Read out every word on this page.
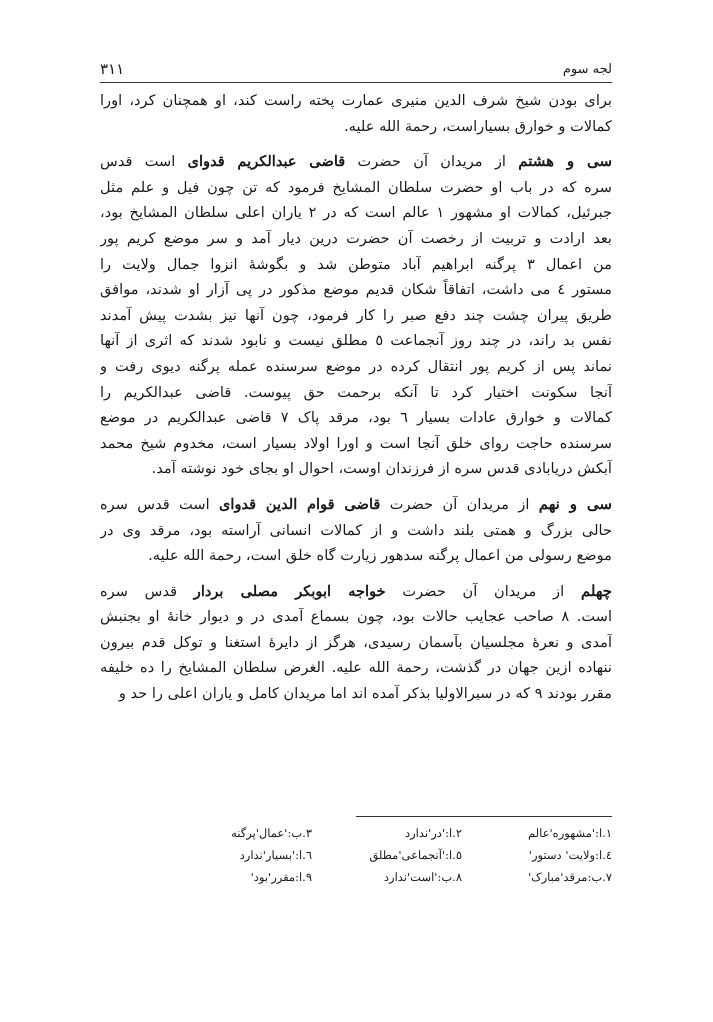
لجه سوم
۳۱۱
برای بودن شیخ شرف الدین منیری عمارت پخته راست کند، او همچنان کرد، اورا
کمالات و خوارق بسیاراست، رحمة الله علیه.
سی و هشتم از مریدان آن حضرت قاضی عبدالکریم قدوای است قدس
سره که در باب او حضرت سلطان المشایخ فرمود که تن چون فیل و علم مثل
جبرئیل، کمالات او مشهور ١ عالم است که در ٢ یاران اعلی سلطان المشایخ بود،
بعد ارادت و تربیت از رخصت آن حضرت درین دیار آمد و سر موضع کریم پور
من اعمال ٣ پرگنه ابراهیم آباد متوطن شد و بگوشۀ انزوا جمال ولایت را
مستور ٤ می داشت، اتفاقاً شکان قدیم موضع مذکور در پی آزار او شدند، موافق
طریق پیران چشت چند دفع صبر را کار فرمود، چون آنها نیز بشدت پیش آمدند
نفس بد راند، در چند روز آنجماعت ٥ مطلق نیست و نابود شدند که اثری از آنها
نماند پس از کریم پور انتقال کرده در موضع سرسنده عمله پرگنه دیوی رفت و
آنجا سکونت اختیار کرد تا آنکه برحمت حق پیوست. قاضی عبدالکریم را
کمالات و خوارق عادات بسیار ٦ بود، مرقد پاک ٧ قاضی عبدالکریم در موضع
سرسنده حاجت روای خلق آنجا است و اورا اولاد بسیار است، مخدوم شیخ محمد
آبکش دریابادی قدس سره از فرزندان اوست، احوال او بجای خود نوشته آمد.
سی و نهم از مریدان آن حضرت قاضی قوام الدین قدوای است قدس سره
حالی بزرگ و همتی بلند داشت و از کمالات انسانی آراسته بود، مرقد وی در
موضع رسولی من اعمال پرگنه سدهور زیارت گاه خلق است، رحمة الله علیه.
چهلم از مریدان آن حضرت خواجه ابوبکر مصلی بردار قدس سره
است. ٨ صاحب عجایب حالات بود، چون بسماع آمدی در و دیوار خانۀ او بجنبش
آمدی و نعرۀ مجلسیان بآسمان رسیدی، هرگز از دایرۀ استغنا و توکل قدم بیرون
ننهاده ازین جهان در گذشت، رحمة الله علیه. الغرض سلطان المشایخ را ده خلیفه
مقرر بودند ٩ که در سیرالاولیا بذکر آمده اند اما مریدان کامل و یاران اعلی را حد و
١.ا:'مشهوره'عالم
٢.ا:'در'ندارد
٣.ب:'عمال'پرگنه
٤.ا:ولایت' دستور'
٥.ا:'آنجماعی'مطلق
٦.ا:'بسیار'ندارد
٧.ب:مرقد'مبارک'
٨.ب:'است'ندارد
٩.ا:مقرر'بود'
